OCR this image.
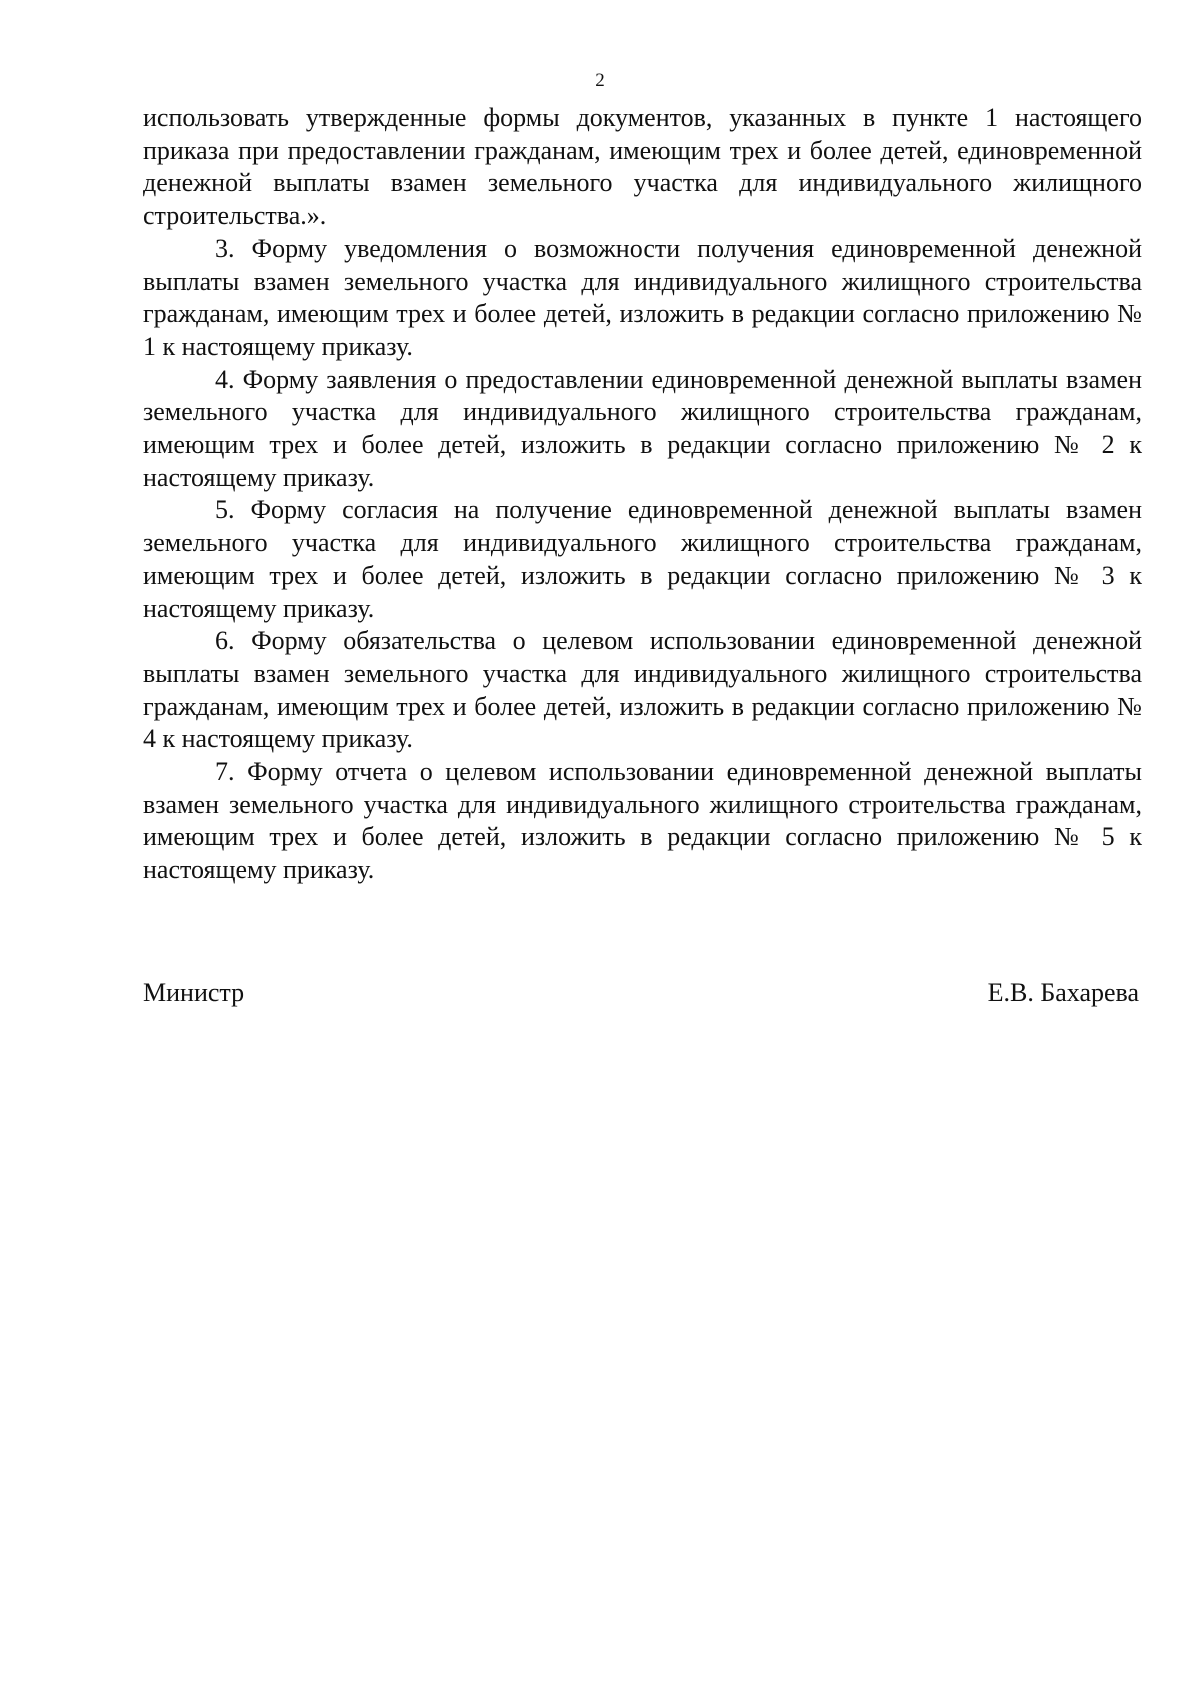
2

использовать утвержденные формы документов, указанных в пункте 1 настоящего приказа при предоставлении гражданам, имеющим трех и более детей, единовременной денежной выплаты взамен земельного участка для индивидуального жилищного строительства.».

3. Форму уведомления о возможности получения единовременной денежной выплаты взамен земельного участка для индивидуального жилищного строительства гражданам, имеющим трех и более детей, изложить в редакции согласно приложению № 1 к настоящему приказу.

4. Форму заявления о предоставлении единовременной денежной выплаты взамен земельного участка для индивидуального жилищного строительства гражданам, имеющим трех и более детей, изложить в редакции согласно приложению № 2 к настоящему приказу.

5. Форму согласия на получение единовременной денежной выплаты взамен земельного участка для индивидуального жилищного строительства гражданам, имеющим трех и более детей, изложить в редакции согласно приложению № 3 к настоящему приказу.

6. Форму обязательства о целевом использовании единовременной денежной выплаты взамен земельного участка для индивидуального жилищного строительства гражданам, имеющим трех и более детей, изложить в редакции согласно приложению № 4 к настоящему приказу.

7. Форму отчета о целевом использовании единовременной денежной выплаты взамен земельного участка для индивидуального жилищного строительства гражданам, имеющим трех и более детей, изложить в редакции согласно приложению № 5 к настоящему приказу.

Министр	Е.В. Бахарева
